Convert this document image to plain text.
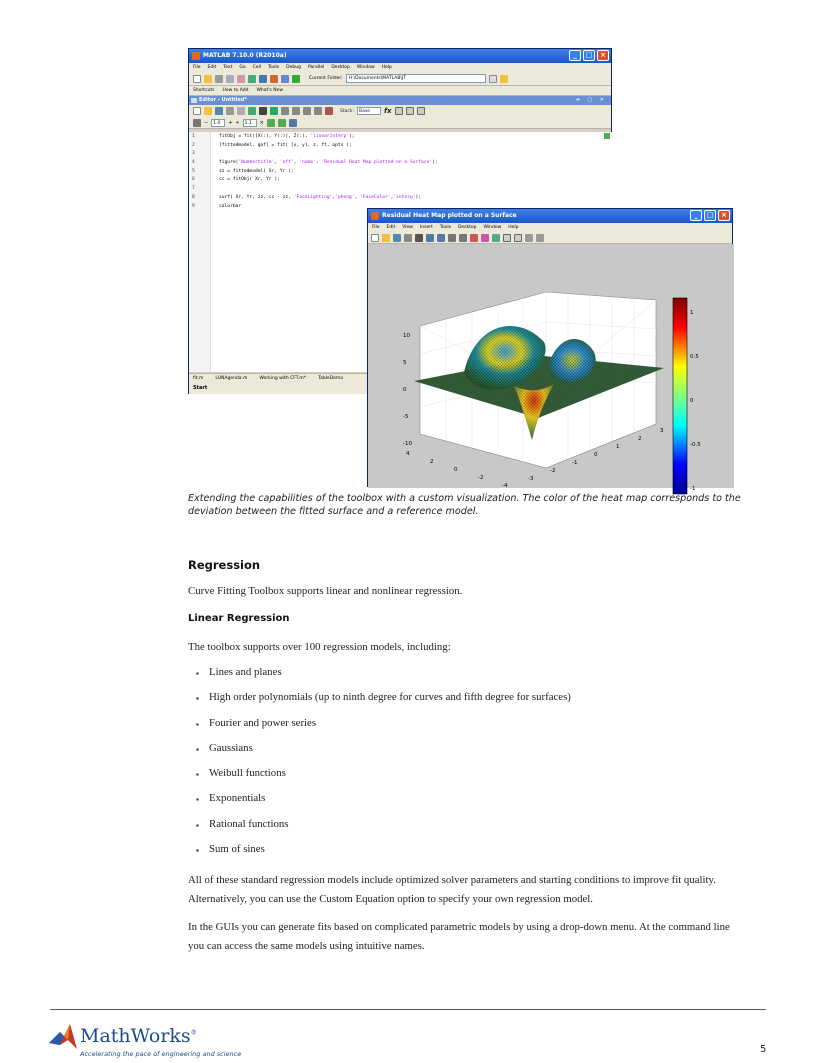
MATLAB 7.10.0 (R2010a)	_	□	×
File Edit Text Go Cell Tools Debug Parallel Desktop Window Help
Current Folder:	H:\Documents\MATLAB\JT
Shortcuts How to Add What's New
Editor - Untitled*	⇥ ▢ ✕
Stack:	Base	fx
−	1.0	+ ÷	1.1	×
1	fitObj = fit([X(:), Y(:)], Z(:), 'linearinterp');
2	[fittedmodel, gof] = fit( [x, y], z, ft, opts );
3
4	figure('Numbertitle', 'off', 'name', 'Residual Heat Map plotted on a Surface');
5	zz = fittedmodel( Xr, Yr );
6	cc = fitObj( Xr, Yr );
7
8	surf( Xr, Yr, zz, cc - zz, 'FaceLighting','phong', 'FaceColor','interp');
9	colorbar
fit.m	LUNAgenda.m	Working with CFT.m*	TableDemo
Start
Residual Heat Map plotted on a Surface	_	□	×
File Edit View Insert Tools Desktop Window Help
10
5
0
-5
-10
4
2
0
-2
-4
-3
-2
-1
0
1
2
3
1
0.5
0
-0.5
-1
Extending the capabilities of the toolbox with a custom visualization. The color of the heat map corresponds to the deviation between the fitted surface and a reference model.
Regression
Curve Fitting Toolbox supports linear and nonlinear regression.
Linear Regression
The toolbox supports over 100 regression models, including:
▪ Lines and planes
▪ High order polynomials (up to ninth degree for curves and fifth degree for surfaces)
▪ Fourier and power series
▪ Gaussians
▪ Weibull functions
▪ Exponentials
▪ Rational functions
▪ Sum of sines
All of these standard regression models include optimized solver parameters and starting conditions to improve fit quality. Alternatively, you can use the Custom Equation option to specify your own regression model.
In the GUIs you can generate fits based on complicated parametric models by using a drop-down menu. At the command line you can access the same models using intuitive names.
MathWorks®
Accelerating the pace of engineering and science	5
